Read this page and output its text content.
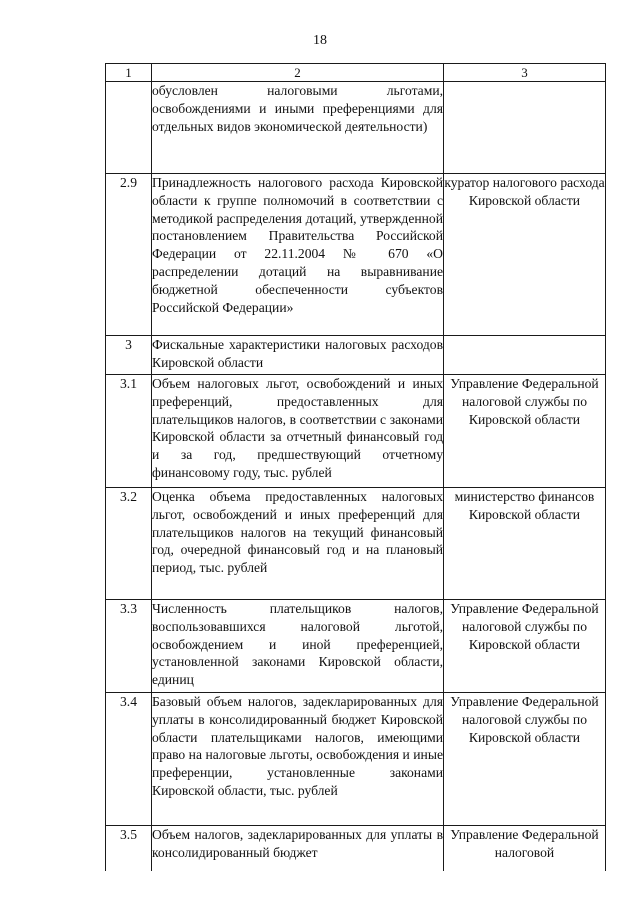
18
1	2	3
	обусловлен налоговыми льготами, освобождениями и иными преференциями для отдельных видов экономической деятельности)	
2.9	Принадлежность налогового расхода Кировской области к группе полномочий в соответствии с методикой распределения дотаций, утвержденной постановлением Правительства Российской Федерации от 22.11.2004 № 670 «О распределении дотаций на выравнивание бюджетной обеспеченности субъектов Российской Федерации»	куратор налогового расхода Кировской области
3	Фискальные характеристики налоговых расходов Кировской области	
3.1	Объем налоговых льгот, освобождений и иных преференций, предоставленных для плательщиков налогов, в соответствии с законами Кировской области за отчетный финансовый год и за год, предшествующий отчетному финансовому году, тыс. рублей	Управление Федеральной налоговой службы по Кировской области
3.2	Оценка объема предоставленных налоговых льгот, освобождений и иных преференций для плательщиков налогов на текущий финансовый год, очередной финансовый год и на плановый период, тыс. рублей	министерство финансов Кировской области
3.3	Численность плательщиков налогов, воспользовавшихся налоговой льготой, освобождением и иной преференцией, установленной законами Кировской области, единиц	Управление Федеральной налоговой службы по Кировской области
3.4	Базовый объем налогов, задекларированных для уплаты в консолидированный бюджет Кировской области плательщиками налогов, имеющими право на налоговые льготы, освобождения и иные преференции, установленные законами Кировской области, тыс. рублей	Управление Федеральной налоговой службы по Кировской области
3.5	Объем налогов, задекларированных для уплаты в консолидированный бюджет	Управление Федеральной налоговой
